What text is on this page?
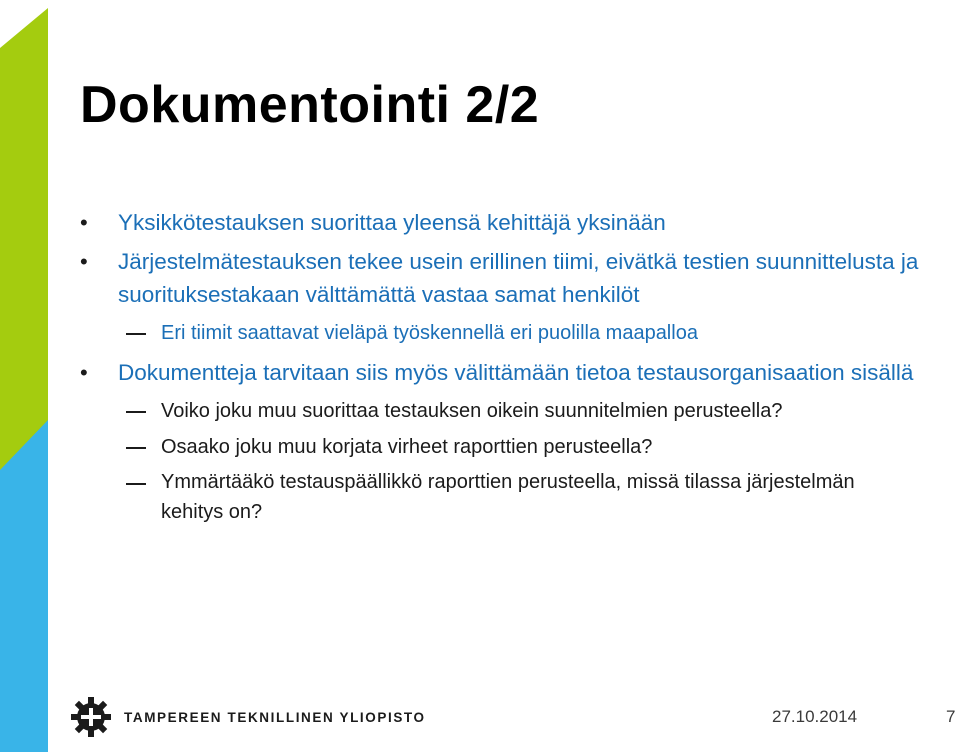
Dokumentointi 2/2
• Yksikkötestauksen suorittaa yleensä kehittäjä yksinään
• Järjestelmätestauksen tekee usein erillinen tiimi, eivätkä testien suunnittelusta ja suorituksestakaan välttämättä vastaa samat henkilöt
Eri tiimit saattavat vieläpä työskennellä eri puolilla maapalloa
• Dokumentteja tarvitaan siis myös välittämään tietoa testausorganisaation sisällä
Voiko joku muu suorittaa testauksen oikein suunnitelmien perusteella?
Osaako joku muu korjata virheet raporttien perusteella?
Ymmärtääkö testauspäällikkö raporttien perusteella, missä tilassa järjestelmän kehitys on?
TAMPEREEN TEKNILLINEN YLIOPISTO	27.10.2014	7
